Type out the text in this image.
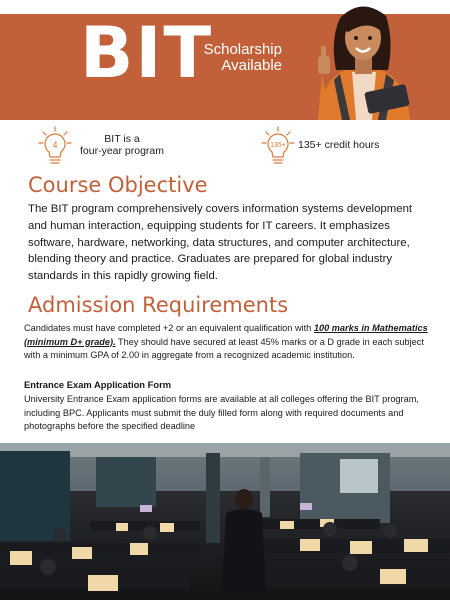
BIT
Scholarship
Available
4	BIT is a
four-year program	135+ 135+ credit hours
Course Objective
The BIT program comprehensively covers information systems development and human interaction, equipping students for IT careers. It emphasizes software, hardware, networking, data structures, and computer architecture, blending theory and practice. Graduates are prepared for global industry standards in this rapidly growing field.
Admission Requirements
Candidates must have completed +2 or an equivalent qualification with 100 marks in Mathematics (minimum D+ grade). They should have secured at least 45% marks or a D grade in each subject with a minimum GPA of 2.00 in aggregate from a recognized academic institution.
Entrance Exam Application Form
University Entrance Exam application forms are available at all colleges offering the BIT program, including BPC. Applicants must submit the duly filled form along with required documents and photographs before the specified deadline
